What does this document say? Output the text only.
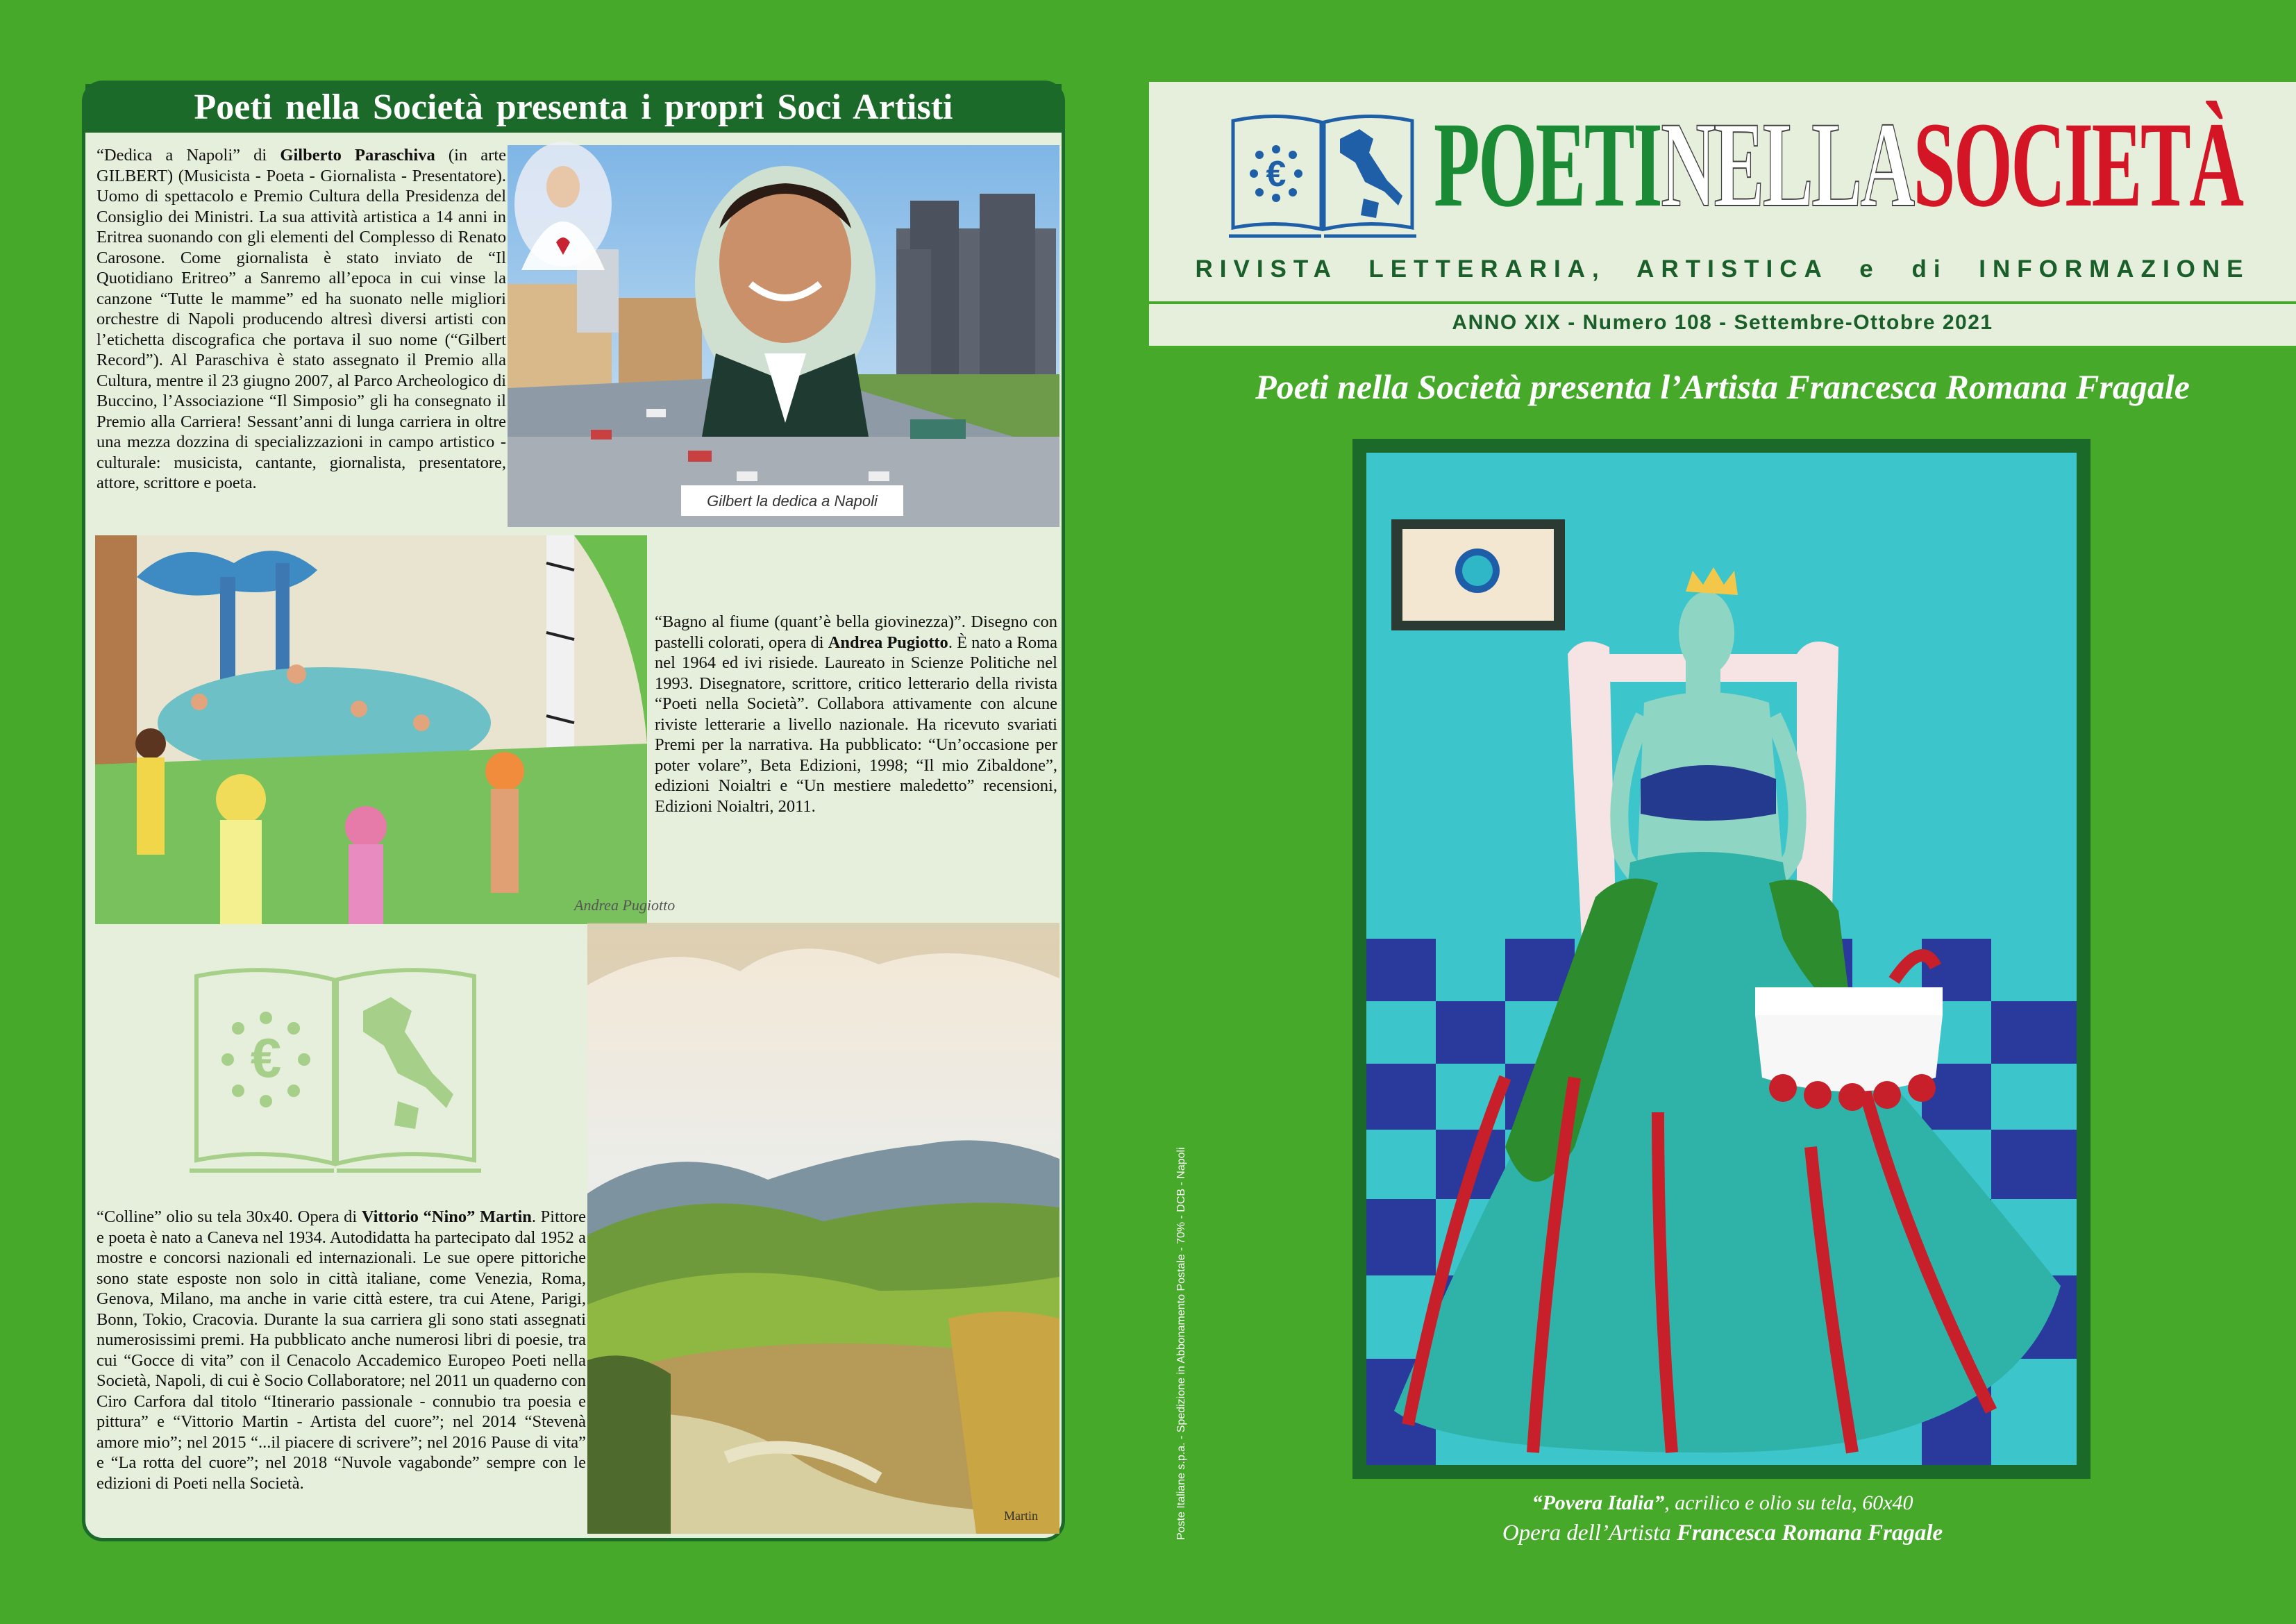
Poeti nella Società presenta i propri Soci Artisti
“Dedica a Napoli” di Gilberto Paraschiva (in arte GILBERT) (Musicista - Poeta - Giornalista - Presentatore). Uomo di spettacolo e Premio Cultura della Presidenza del Consiglio dei Ministri. La sua attività artistica a 14 anni in Eritrea suonando con gli elementi del Complesso di Renato Carosone. Come giornalista è stato inviato de “Il Quotidiano Eritreo” a Sanremo all’epoca in cui vinse la canzone “Tutte le mamme” ed ha suonato nelle migliori orchestre di Napoli producendo altresì diversi artisti con l’etichetta discografica che portava il suo nome (“Gilbert Record”). Al Paraschiva è stato assegnato il Premio alla Cultura, mentre il 23 giugno 2007, al Parco Archeologico di Buccino, l’Associazione “Il Simposio” gli ha consegnato il Premio alla Carriera! Sessant’anni di lunga carriera in oltre una mezza dozzina di specializzazioni in campo artistico - culturale: musicista, cantante, giornalista, presentatore, attore, scrittore e poeta.
Gilbert la dedica a Napoli
Andrea Pugiotto
“Bagno al fiume (quant’è bella giovinezza)”. Disegno con pastelli colorati, opera di Andrea Pugiotto. È nato a Roma nel 1964 ed ivi risiede. Laureato in Scienze Politiche nel 1993. Disegnatore, scrittore, critico letterario della rivista “Poeti nella Società”. Collabora attivamente con alcune riviste letterarie a livello nazionale. Ha ricevuto svariati Premi per la narrativa. Ha pubblicato: “Un’occasione per poter volare”, Beta Edizioni, 1998; “Il mio Zibaldone”, edizioni Noialtri e “Un mestiere maledetto” recensioni, Edizioni Noialtri, 2011.
€
Martin
“Colline” olio su tela 30x40. Opera di Vittorio “Nino” Martin. Pittore e poeta è nato a Caneva nel 1934. Autodidatta ha partecipato dal 1952 a mostre e concorsi nazionali ed internazionali. Le sue opere pittoriche sono state esposte non solo in città italiane, come Venezia, Roma, Genova, Milano, ma anche in varie città estere, tra cui Atene, Parigi, Bonn, Tokio, Cracovia. Durante la sua carriera gli sono stati assegnati numerosissimi premi. Ha pubblicato anche numerosi libri di poesie, tra cui “Gocce di vita” con il Cenacolo Accademico Europeo Poeti nella Società, Napoli, di cui è Socio Collaboratore; nel 2011 un quaderno con Ciro Carfora dal titolo “Itinerario passionale - connubio tra poesia e pittura” e “Vittorio Martin - Artista del cuore”; nel 2014 “Stevenà amore mio”; nel 2015 “...il piacere di scrivere”; nel 2016 Pause di vita” e “La rotta del cuore”; nel 2018 “Nuvole vagabonde” sempre con le edizioni di Poeti nella Società.
€ POETINELLASOCIETÀ
RIVISTA LETTERARIA, ARTISTICA e di INFORMAZIONE
ANNO XIX - Numero 108 - Settembre-Ottobre 2021
Poeti nella Società presenta l’Artista Francesca Romana Fragale
“Povera Italia”, acrilico e olio su tela, 60x40
Opera dell’Artista Francesca Romana Fragale
Poste Italiane s.p.a. - Spedizione in Abbonamento Postale - 70% - DCB - Napoli
